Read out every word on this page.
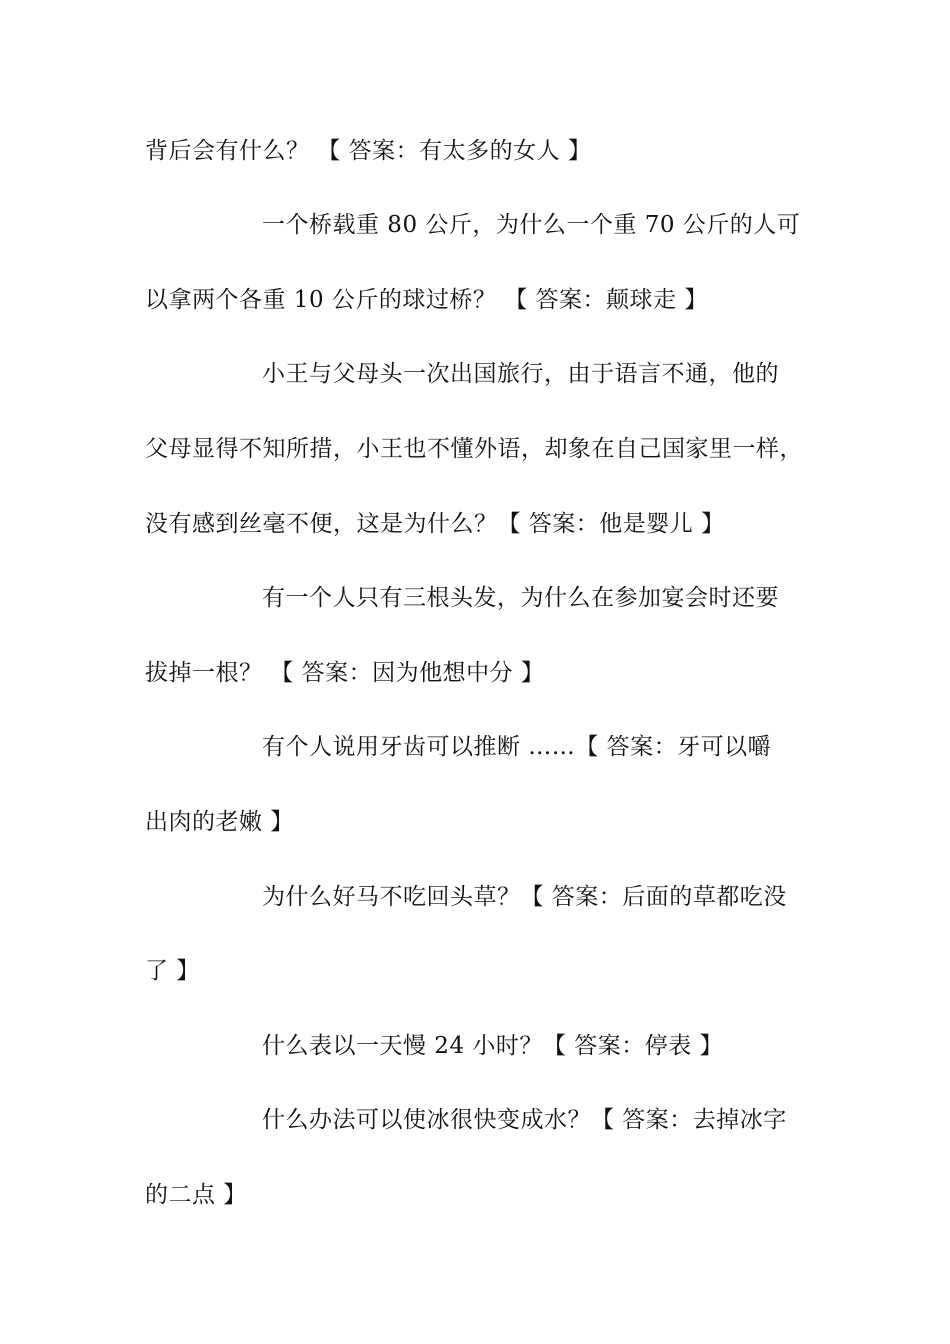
背后会有什么？ 【 答案：有太多的女人 】
一个桥载重 80 公斤，为什么一个重 70 公斤的人可
以拿两个各重 10 公斤的球过桥？ 【 答案：颠球走 】
小王与父母头一次出国旅行，由于语言不通，他的
父母显得不知所措，小王也不懂外语，却象在自己国家里一样，
没有感到丝毫不便，这是为什么？【 答案：他是婴儿 】
有一个人只有三根头发，为什么在参加宴会时还要
拔掉一根？ 【 答案：因为他想中分 】
有个人说用牙齿可以推断 ……【 答案：牙可以嚼
出肉的老嫩 】
为什么好马不吃回头草？【 答案：后面的草都吃没
了 】
什么表以一天慢 24 小时？【 答案：停表 】
什么办法可以使冰很快变成水？【 答案：去掉冰字
的二点 】
